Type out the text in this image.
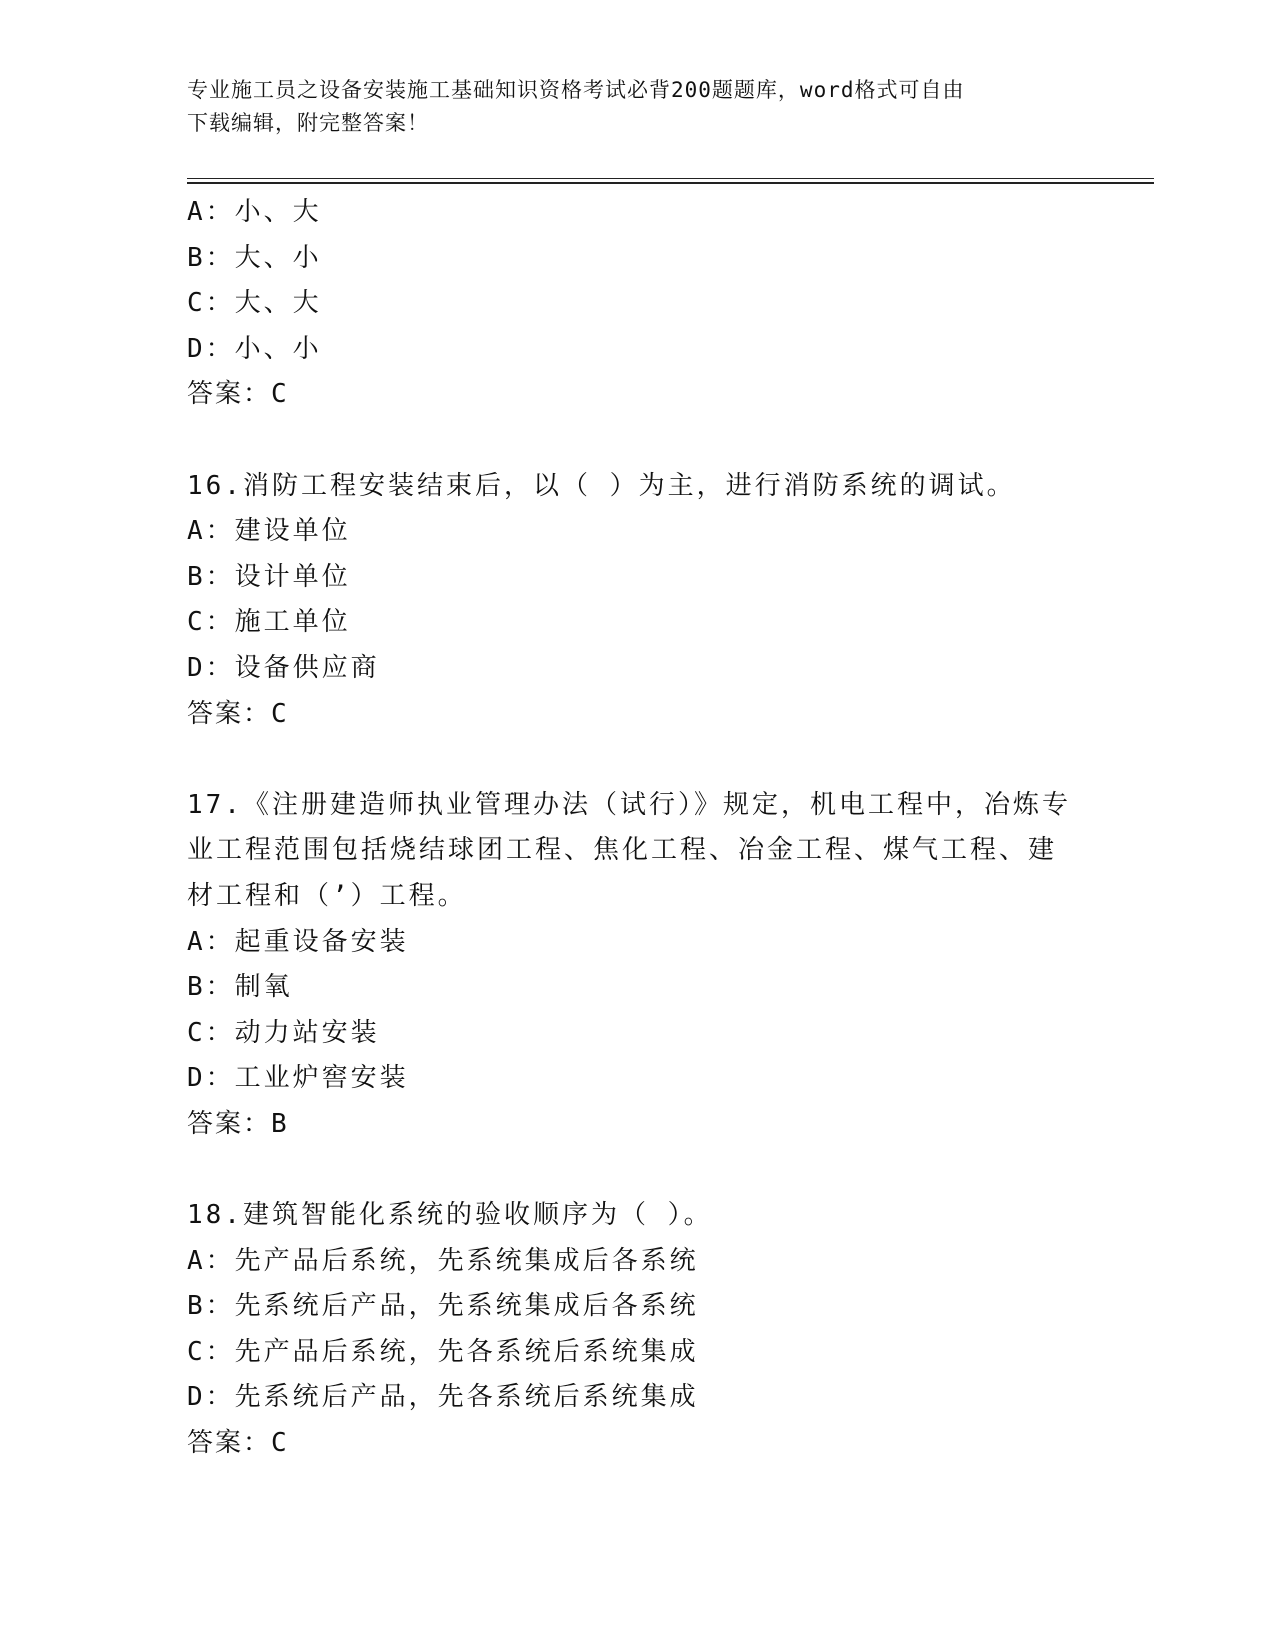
专业施工员之设备安装施工基础知识资格考试必背200题题库，word格式可自由
下载编辑，附完整答案！
A：小、大
B：大、小
C：大、大
D：小、小
答案：C
16.消防工程安装结束后，以（ ）为主，进行消防系统的调试。
A：建设单位
B：设计单位
C：施工单位
D：设备供应商
答案：C
17.《注册建造师执业管理办法（试行）》规定，机电工程中，冶炼专
业工程范围包括烧结球团工程、焦化工程、冶金工程、煤气工程、建
材工程和（’）工程。
A：起重设备安装
B：制氧
C：动力站安装
D：工业炉窖安装
答案：B
18.建筑智能化系统的验收顺序为（ ）。
A：先产品后系统，先系统集成后各系统
B：先系统后产品，先系统集成后各系统
C：先产品后系统，先各系统后系统集成
D：先系统后产品，先各系统后系统集成
答案：C
